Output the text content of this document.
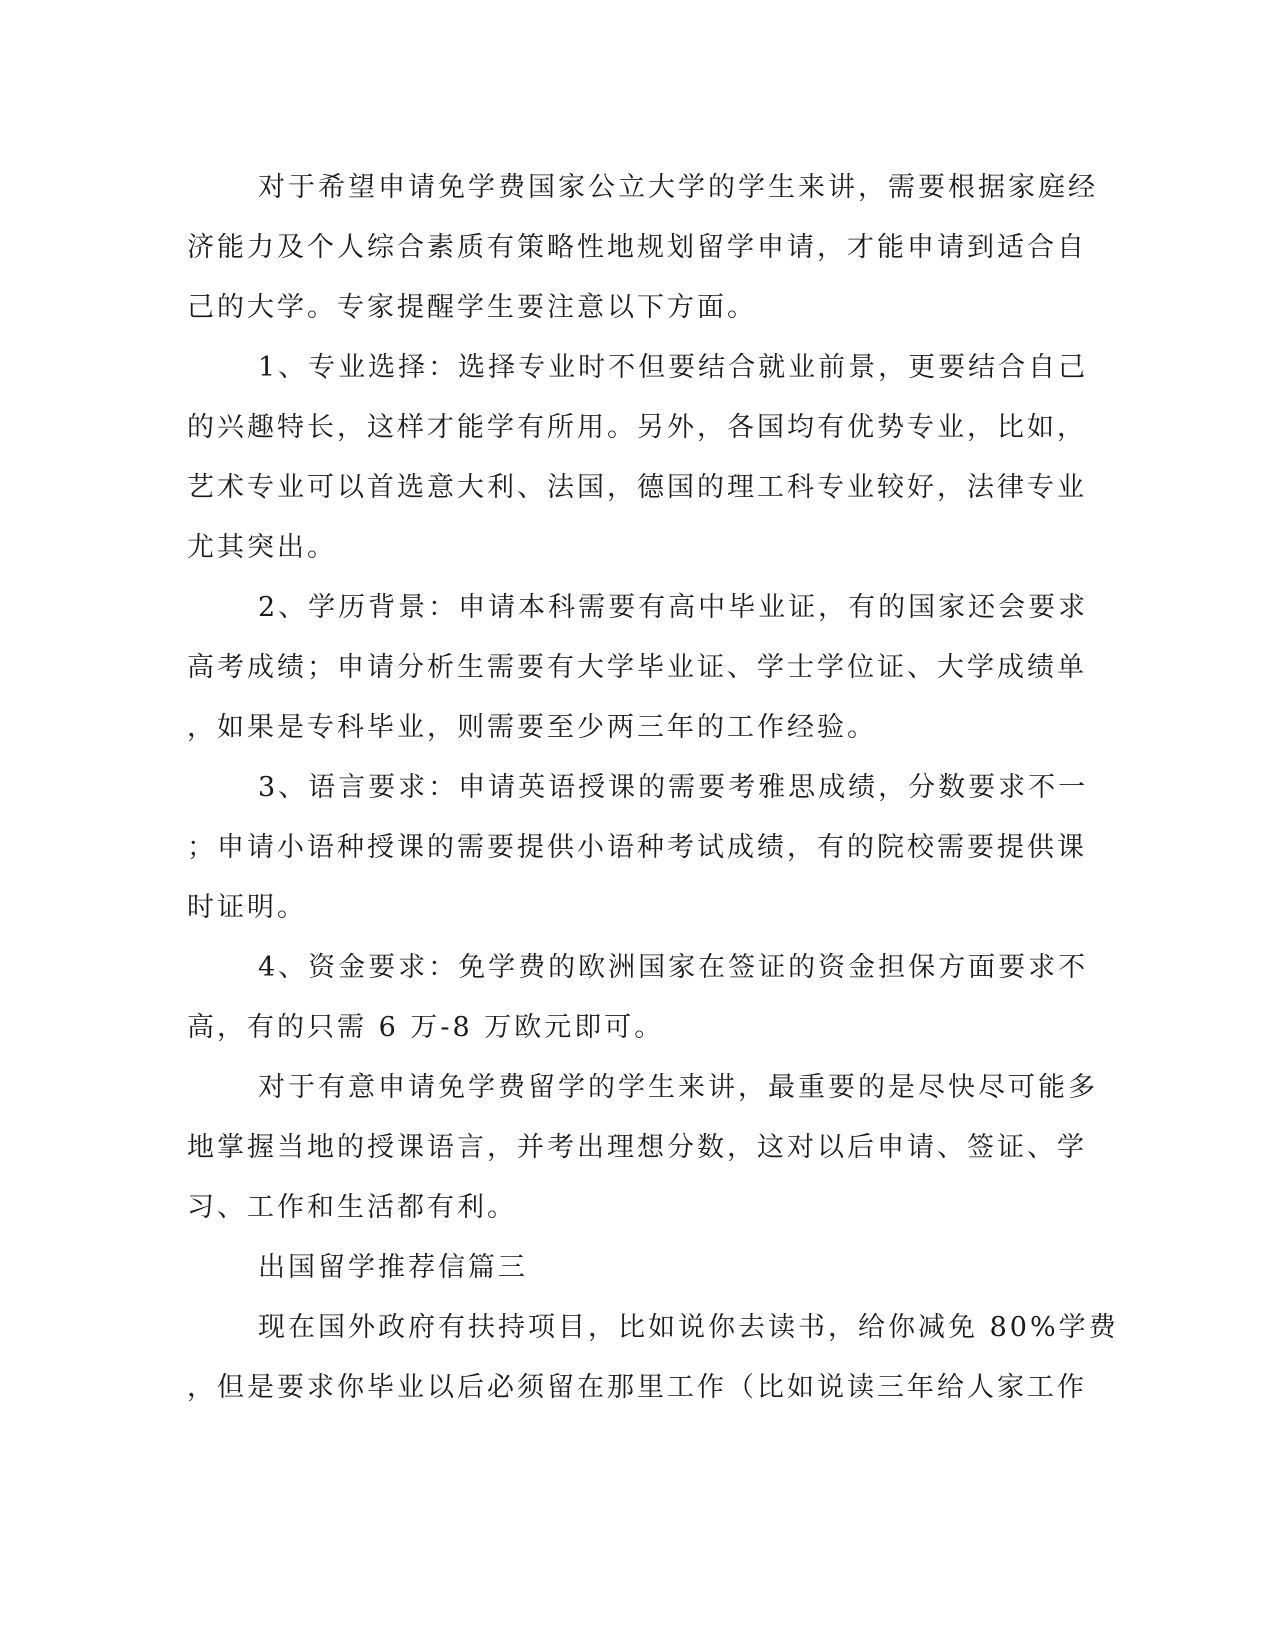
对于希望申请免学费国家公立大学的学生来讲，需要根据家庭经
济能力及个人综合素质有策略性地规划留学申请，才能申请到适合自
己的大学。专家提醒学生要注意以下方面。
1、专业选择：选择专业时不但要结合就业前景，更要结合自己
的兴趣特长，这样才能学有所用。另外，各国均有优势专业，比如，
艺术专业可以首选意大利、法国，德国的理工科专业较好，法律专业
尤其突出。
2、学历背景：申请本科需要有高中毕业证，有的国家还会要求
高考成绩；申请分析生需要有大学毕业证、学士学位证、大学成绩单
，如果是专科毕业，则需要至少两三年的工作经验。
3、语言要求：申请英语授课的需要考雅思成绩，分数要求不一
；申请小语种授课的需要提供小语种考试成绩，有的院校需要提供课
时证明。
4、资金要求：免学费的欧洲国家在签证的资金担保方面要求不
高，有的只需 6 万-8 万欧元即可。
对于有意申请免学费留学的学生来讲，最重要的是尽快尽可能多
地掌握当地的授课语言，并考出理想分数，这对以后申请、签证、学
习、工作和生活都有利。
出国留学推荐信篇三
现在国外政府有扶持项目，比如说你去读书，给你减免 80%学费
，但是要求你毕业以后必须留在那里工作（比如说读三年给人家工作
